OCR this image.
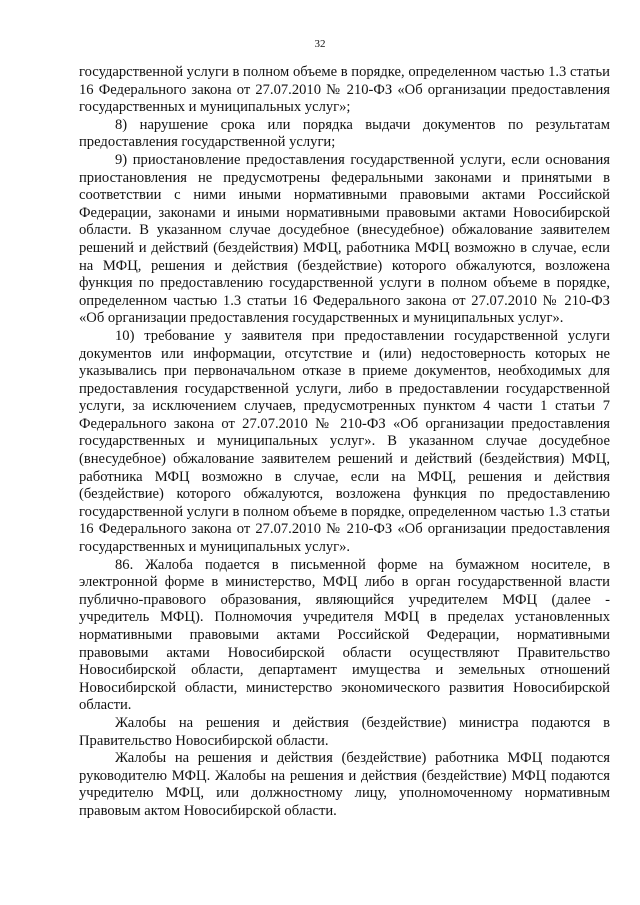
32

государственной услуги в полном объеме в порядке, определенном частью 1.3 статьи 16 Федерального закона от 27.07.2010 № 210-ФЗ «Об организации предоставления государственных и муниципальных услуг»;

8) нарушение срока или порядка выдачи документов по результатам предоставления государственной услуги;

9) приостановление предоставления государственной услуги, если основания приостановления не предусмотрены федеральными законами и принятыми в соответствии с ними иными нормативными правовыми актами Российской Федерации, законами и иными нормативными правовыми актами Новосибирской области. В указанном случае досудебное (внесудебное) обжалование заявителем решений и действий (бездействия) МФЦ, работника МФЦ возможно в случае, если на МФЦ, решения и действия (бездействие) которого обжалуются, возложена функция по предоставлению государственной услуги в полном объеме в порядке, определенном частью 1.3 статьи 16 Федерального закона от 27.07.2010 № 210-ФЗ «Об организации предоставления государственных и муниципальных услуг».

10) требование у заявителя при предоставлении государственной услуги документов или информации, отсутствие и (или) недостоверность которых не указывались при первоначальном отказе в приеме документов, необходимых для предоставления государственной услуги, либо в предоставлении государственной услуги, за исключением случаев, предусмотренных пунктом 4 части 1 статьи 7 Федерального закона от 27.07.2010 № 210-ФЗ «Об организации предоставления государственных и муниципальных услуг». В указанном случае досудебное (внесудебное) обжалование заявителем решений и действий (бездействия) МФЦ, работника МФЦ возможно в случае, если на МФЦ, решения и действия (бездействие) которого обжалуются, возложена функция по предоставлению государственной услуги в полном объеме в порядке, определенном частью 1.3 статьи 16 Федерального закона от 27.07.2010 № 210-ФЗ «Об организации предоставления государственных и муниципальных услуг».

86. Жалоба подается в письменной форме на бумажном носителе, в электронной форме в министерство, МФЦ либо в орган государственной власти публично-правового образования, являющийся учредителем МФЦ (далее - учредитель МФЦ). Полномочия учредителя МФЦ в пределах установленных нормативными правовыми актами Российской Федерации, нормативными правовыми актами Новосибирской области осуществляют Правительство Новосибирской области, департамент имущества и земельных отношений Новосибирской области, министерство экономического развития Новосибирской области.

Жалобы на решения и действия (бездействие) министра подаются в Правительство Новосибирской области.

Жалобы на решения и действия (бездействие) работника МФЦ подаются руководителю МФЦ. Жалобы на решения и действия (бездействие) МФЦ подаются учредителю МФЦ, или должностному лицу, уполномоченному нормативным правовым актом Новосибирской области.
